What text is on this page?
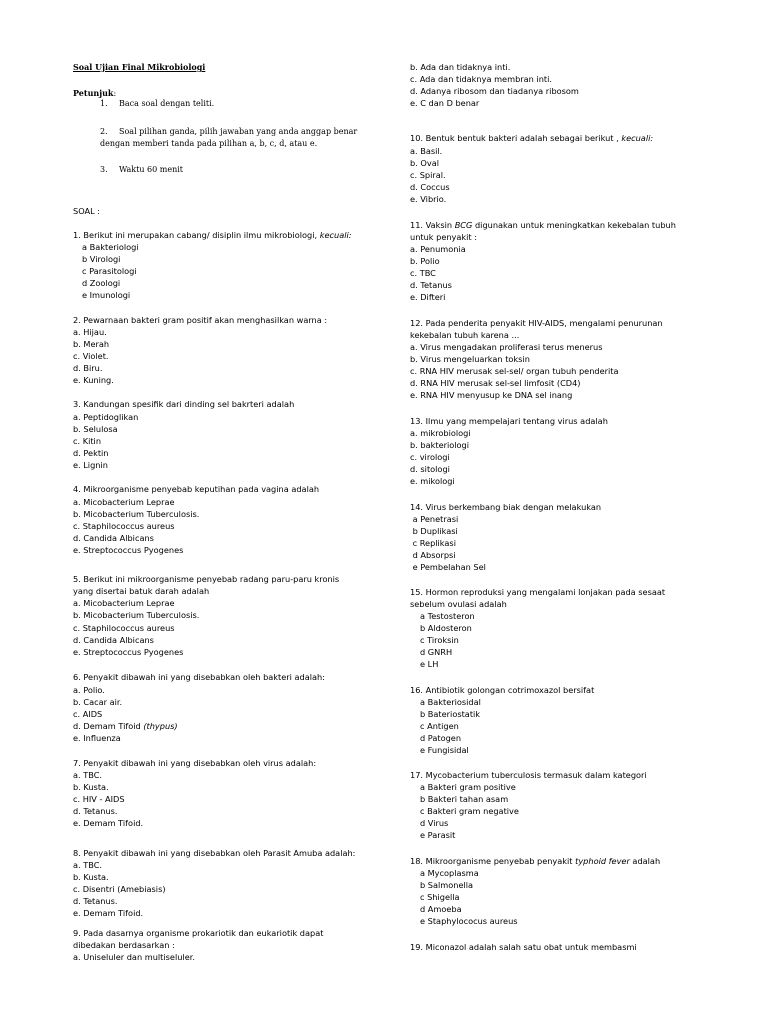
Soal Ujian Final Mikrobiologi
Petunjuk:
1. Baca soal dengan teliti.
2. Soal pilihan ganda, pilih jawaban yang anda anggap benar
dengan memberi tanda pada pilihan a, b, c, d, atau e.
3. Waktu 60 menit
SOAL :
1. Berikut ini merupakan cabang/ disiplin ilmu mikrobiologi, kecuali:
a Bakteriologi
b Virologi
c Parasitologi
d Zoologi
e Imunologi
2. Pewarnaan bakteri gram positif akan menghasilkan warna :
a. Hijau.
b. Merah
c. Violet.
d. Biru.
e. Kuning.
3. Kandungan spesifik dari dinding sel bakrteri adalah
a. Peptidoglikan
b. Selulosa
c. Kitin
d. Pektin
e. Lignin
4. Mikroorganisme penyebab keputihan pada vagina adalah
a. Micobacterium Leprae
b. Micobacterium Tuberculosis.
c. Staphilococcus aureus
d. Candida Albicans
e. Streptococcus Pyogenes
5. Berikut ini mikroorganisme penyebab radang paru-paru kronis
yang disertai batuk darah adalah
a. Micobacterium Leprae
b. Micobacterium Tuberculosis.
c. Staphilococcus aureus
d. Candida Albicans
e. Streptococcus Pyogenes
6. Penyakit dibawah ini yang disebabkan oleh bakteri adalah:
a. Polio.
b. Cacar air.
c. AIDS
d. Demam Tifoid (thypus)
e. Influenza
7. Penyakit dibawah ini yang disebabkan oleh virus adalah:
a. TBC.
b. Kusta.
c. HIV - AIDS
d. Tetanus.
e. Demam Tifoid.
8. Penyakit dibawah ini yang disebabkan oleh Parasit Amuba adalah:
a. TBC.
b. Kusta.
c. Disentri (Amebiasis)
d. Tetanus.
e. Demam Tifoid.
9. Pada dasarnya organisme prokariotik dan eukariotik dapat
dibedakan berdasarkan :
a. Uniseluler dan multiseluler.
b. Ada dan tidaknya inti.
c. Ada dan tidaknya membran inti.
d. Adanya ribosom dan tiadanya ribosom
e. C dan D benar
10. Bentuk bentuk bakteri adalah sebagai berikut , kecuali:
a. Basil.
b. Oval
c. Spiral.
d. Coccus
e. Vibrio.
11. Vaksin BCG digunakan untuk meningkatkan kekebalan tubuh
untuk penyakit :
a. Penumonia
b. Polio
c. TBC
d. Tetanus
e. Difteri
12. Pada penderita penyakit HIV-AIDS, mengalami penurunan
kekebalan tubuh karena ...
a. Virus mengadakan proliferasi terus menerus
b. Virus mengeluarkan toksin
c. RNA HIV merusak sel-sel/ organ tubuh penderita
d. RNA HIV merusak sel-sel limfosit (CD4)
e. RNA HIV menyusup ke DNA sel inang
13. Ilmu yang mempelajari tentang virus adalah
a. mikrobiologi
b. bakteriologi
c. virologi
d. sitologi
e. mikologi
14. Virus berkembang biak dengan melakukan
a Penetrasi
b Duplikasi
c Replikasi
d Absorpsi
e Pembelahan Sel
15. Hormon reproduksi yang mengalami lonjakan pada sesaat
sebelum ovulasi adalah
a Testosteron
b Aldosteron
c Tiroksin
d GNRH
e LH
16. Antibiotik golongan cotrimoxazol bersifat
a Bakteriosidal
b Bateriostatik
c Antigen
d Patogen
e Fungisidal
17. Mycobacterium tuberculosis termasuk dalam kategori
a Bakteri gram positive
b Bakteri tahan asam
c Bakteri gram negative
d Virus
e Parasit
18. Mikroorganisme penyebab penyakit typhoid fever adalah
a Mycoplasma
b Salmonella
c Shigella
d Amoeba
e Staphylococus aureus
19. Miconazol adalah salah satu obat untuk membasmi
